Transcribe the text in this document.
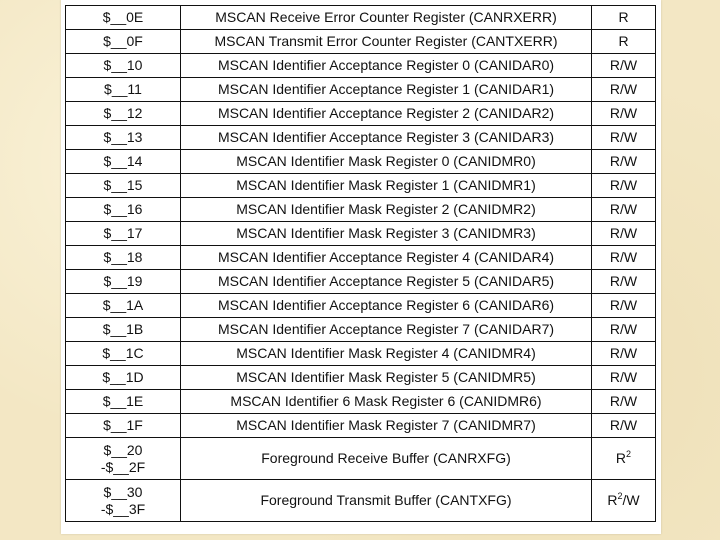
$__0E	MSCAN Receive Error Counter Register (CANRXERR)	R
$__0F	MSCAN Transmit Error Counter Register (CANTXERR)	R
$__10	MSCAN Identifier Acceptance Register 0 (CANIDAR0)	R/W
$__11	MSCAN Identifier Acceptance Register 1 (CANIDAR1)	R/W
$__12	MSCAN Identifier Acceptance Register 2 (CANIDAR2)	R/W
$__13	MSCAN Identifier Acceptance Register 3 (CANIDAR3)	R/W
$__14	MSCAN Identifier Mask Register 0 (CANIDMR0)	R/W
$__15	MSCAN Identifier Mask Register 1 (CANIDMR1)	R/W
$__16	MSCAN Identifier Mask Register 2 (CANIDMR2)	R/W
$__17	MSCAN Identifier Mask Register 3 (CANIDMR3)	R/W
$__18	MSCAN Identifier Acceptance Register 4 (CANIDAR4)	R/W
$__19	MSCAN Identifier Acceptance Register 5 (CANIDAR5)	R/W
$__1A	MSCAN Identifier Acceptance Register 6 (CANIDAR6)	R/W
$__1B	MSCAN Identifier Acceptance Register 7 (CANIDAR7)	R/W
$__1C	MSCAN Identifier Mask Register 4 (CANIDMR4)	R/W
$__1D	MSCAN Identifier Mask Register 5 (CANIDMR5)	R/W
$__1E	MSCAN Identifier 6 Mask Register 6 (CANIDMR6)	R/W
$__1F	MSCAN Identifier Mask Register 7 (CANIDMR7)	R/W

$__20
-$__2F	Foreground Receive Buffer (CANRXFG)	$R^2$

$__30
-$__3F	Foreground Transmit Buffer (CANTXFG)	$R^2/W$
